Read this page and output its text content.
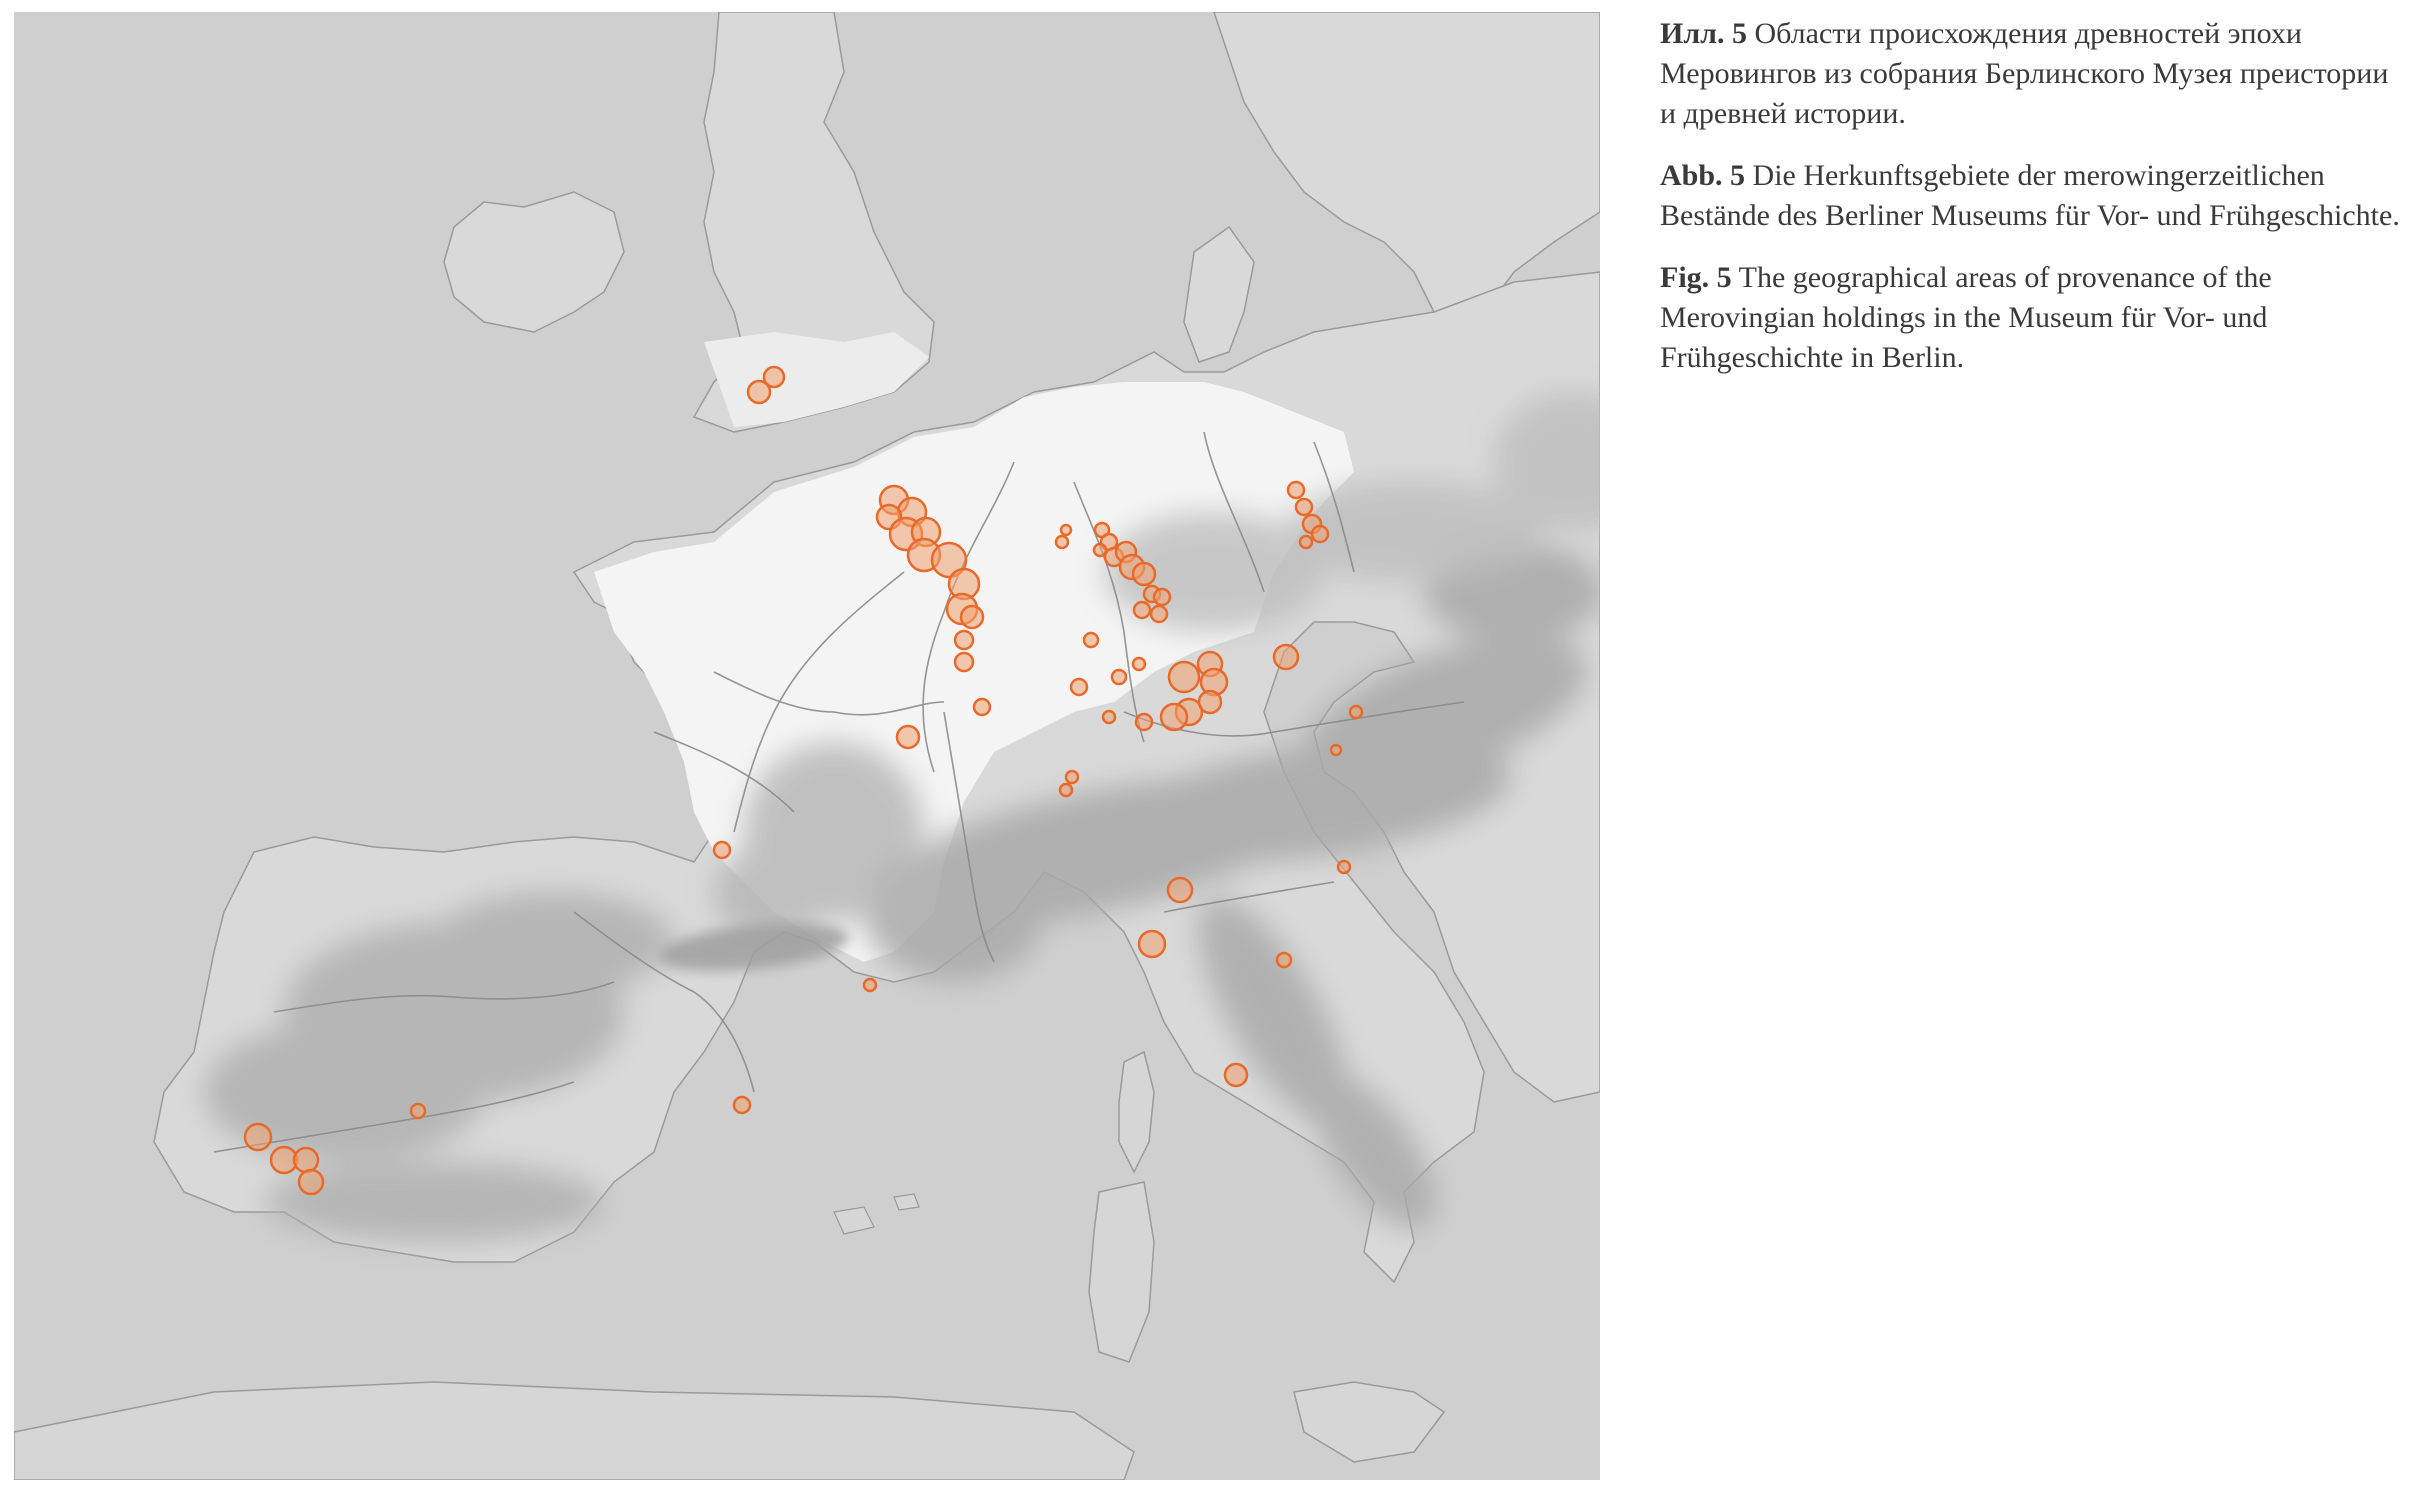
Илл. 5 Области происхождения древностей эпохи Меровингов из собрания Берлинского Музея преистории и древней истории.

Abb. 5 Die Herkunftsgebiete der merowingerzeitlichen Bestände des Berliner Museums für Vor- und Frühgeschichte.

Fig. 5 The geographical areas of provenance of the Merovingian holdings in the Museum für Vor- und Frühgeschichte in Berlin.
